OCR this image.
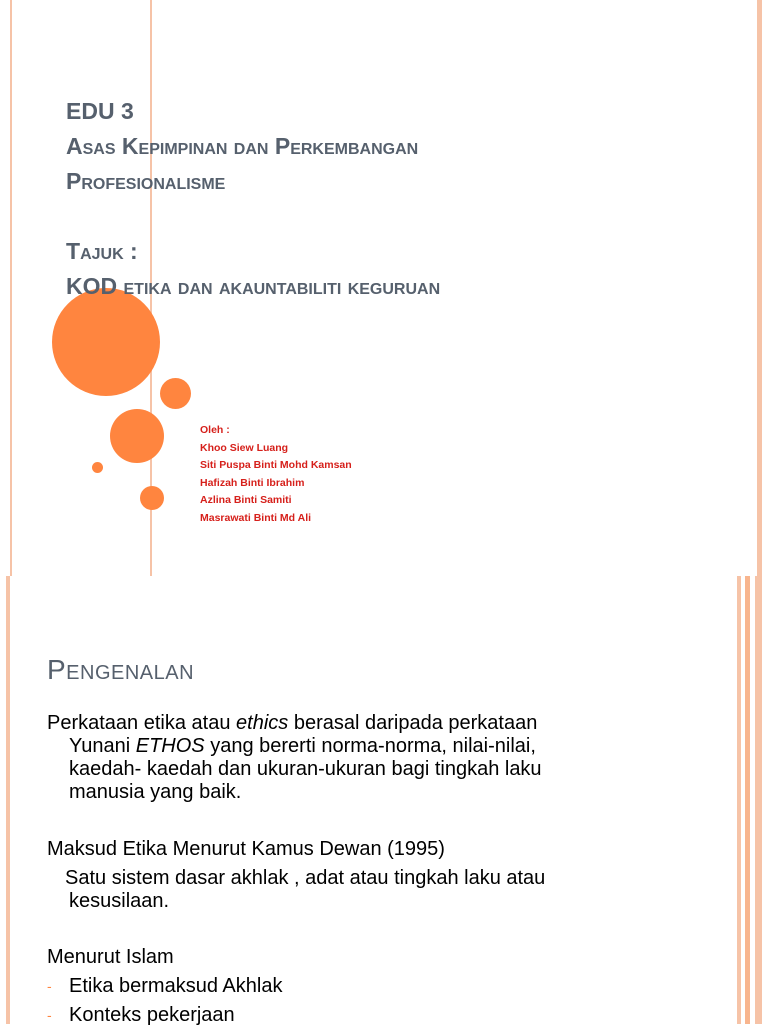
EDU 3
Asas Kepimpinan dan Perkembangan
Profesionalisme
Tajuk :
KOD etika dan akauntabiliti keguruan
Oleh :
Khoo Siew Luang
Siti Puspa Binti Mohd Kamsan
Hafizah Binti Ibrahim
Azlina Binti Samiti
Masrawati Binti Md Ali
Pengenalan
Perkataan etika atau ethics berasal daripada perkataan
Yunani ETHOS yang bererti norma-norma, nilai-nilai,
kaedah- kaedah dan ukuran-ukuran bagi tingkah laku
manusia yang baik.
Maksud Etika Menurut Kamus Dewan (1995)
Satu sistem dasar akhlak , adat atau tingkah laku atau
kesusilaan.
Menurut Islam
- Etika bermaksud Akhlak
- Konteks pekerjaan
